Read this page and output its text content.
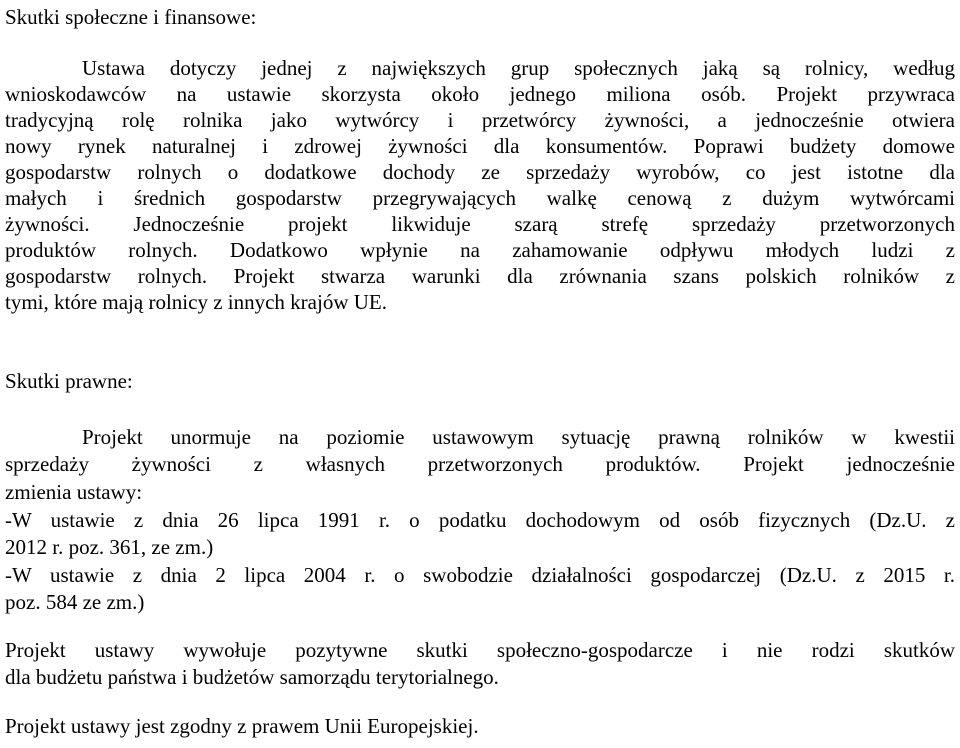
Skutki społeczne i finansowe:
Ustawa dotyczy jednej z największych grup społecznych jaką są rolnicy, według
wnioskodawców na ustawie skorzysta około jednego miliona osób. Projekt przywraca
tradycyjną rolę rolnika jako wytwórcy i przetwórcy żywności, a jednocześnie otwiera
nowy rynek naturalnej i zdrowej żywności dla konsumentów. Poprawi budżety domowe
gospodarstw rolnych o dodatkowe dochody ze sprzedaży wyrobów, co jest istotne dla
małych i średnich gospodarstw przegrywających walkę cenową z dużym wytwórcami
żywności. Jednocześnie projekt likwiduje szarą strefę sprzedaży przetworzonych
produktów rolnych. Dodatkowo wpłynie na zahamowanie odpływu młodych ludzi z
gospodarstw rolnych. Projekt stwarza warunki dla zrównania szans polskich rolników z
tymi, które mają rolnicy z innych krajów UE.
Skutki prawne:
Projekt unormuje na poziomie ustawowym sytuację prawną rolników w kwestii
sprzedaży żywności z własnych przetworzonych produktów. Projekt jednocześnie
zmienia ustawy:
-W ustawie z dnia 26 lipca 1991 r. o podatku dochodowym od osób fizycznych (Dz.U. z
2012 r. poz. 361, ze zm.)
-W ustawie z dnia 2 lipca 2004 r. o swobodzie działalności gospodarczej (Dz.U. z 2015 r.
poz. 584 ze zm.)
Projekt ustawy wywołuje pozytywne skutki społeczno-gospodarcze i nie rodzi skutków
dla budżetu państwa i budżetów samorządu terytorialnego.
Projekt ustawy jest zgodny z prawem Unii Europejskiej.
